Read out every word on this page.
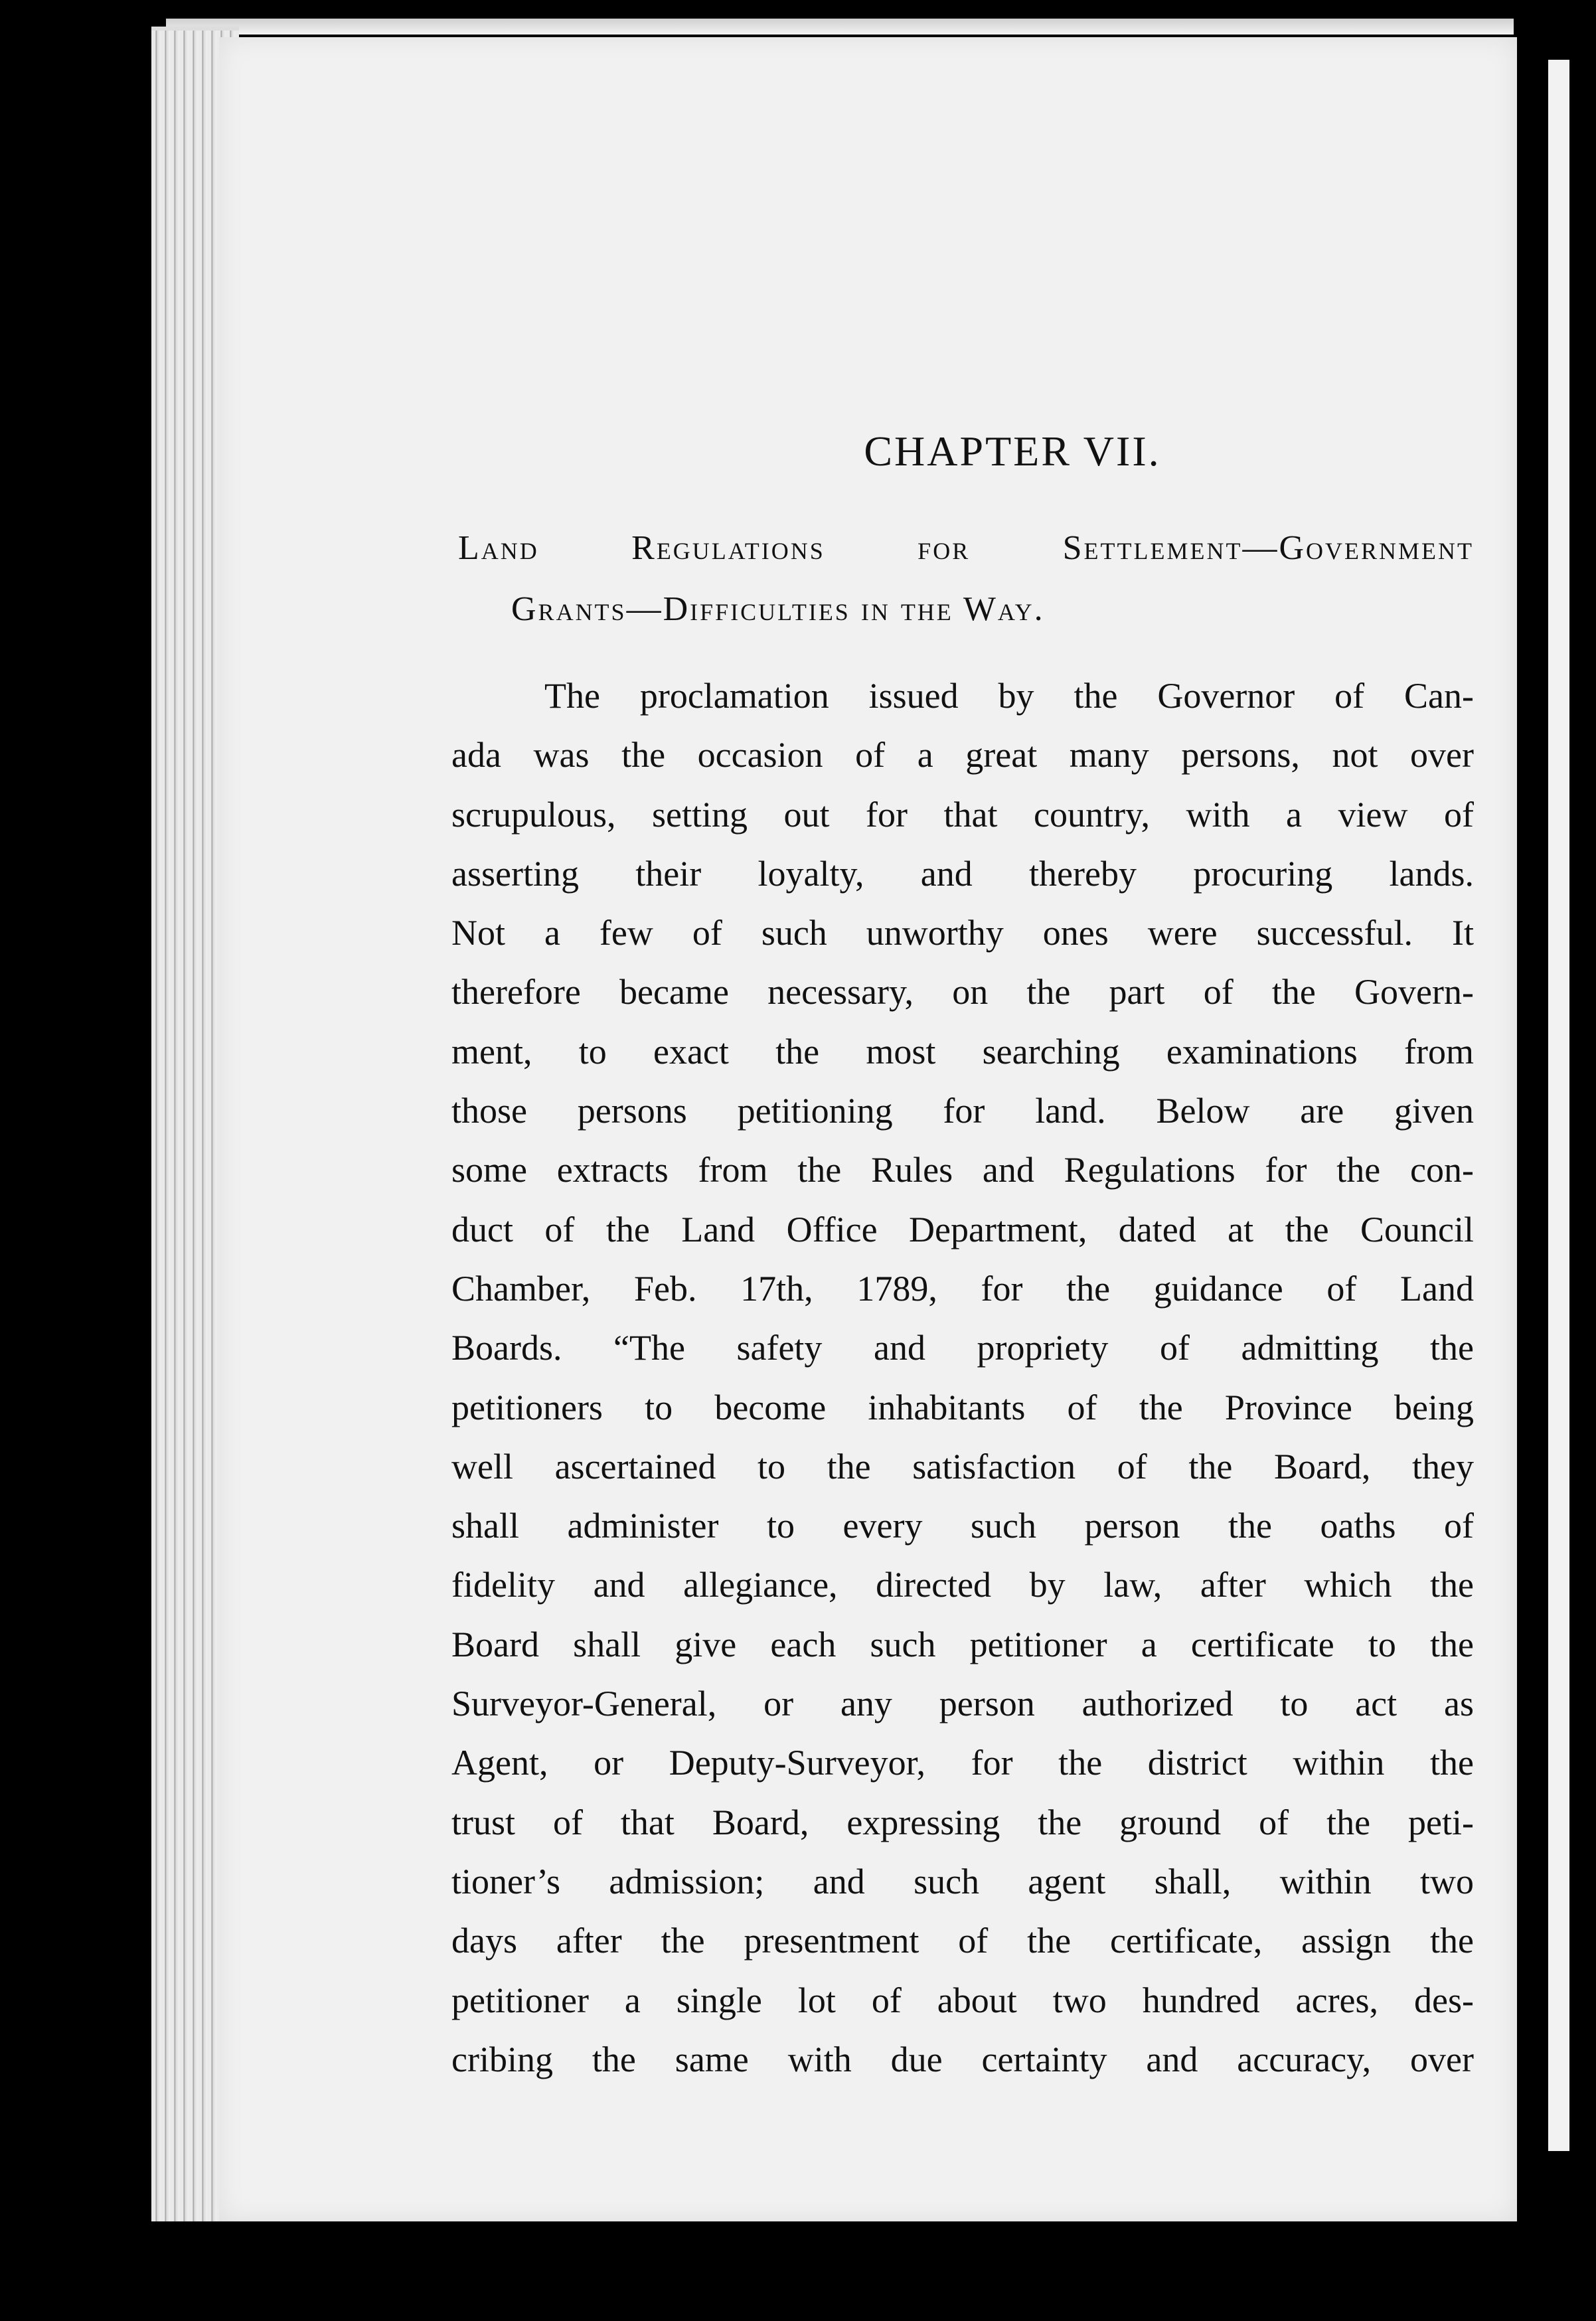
CHAPTER VII.
Land Regulations for Settlement—Government
Grants—Difficulties in the Way.
The proclamation issued by the Governor of Can-
ada was the occasion of a great many persons, not over
scrupulous, setting out for that country, with a view of
asserting their loyalty, and thereby procuring lands.
Not a few of such unworthy ones were successful. It
therefore became necessary, on the part of the Govern-
ment, to exact the most searching examinations from
those persons petitioning for land. Below are given
some extracts from the Rules and Regulations for the con-
duct of the Land Office Department, dated at the Council
Chamber, Feb. 17th, 1789, for the guidance of Land
Boards. “The safety and propriety of admitting the
petitioners to become inhabitants of the Province being
well ascertained to the satisfaction of the Board, they
shall administer to every such person the oaths of
fidelity and allegiance, directed by law, after which the
Board shall give each such petitioner a certificate to the
Surveyor-General, or any person authorized to act as
Agent, or Deputy-Surveyor, for the district within the
trust of that Board, expressing the ground of the peti-
tioner’s admission; and such agent shall, within two
days after the presentment of the certificate, assign the
petitioner a single lot of about two hundred acres, des-
cribing the same with due certainty and accuracy, over
